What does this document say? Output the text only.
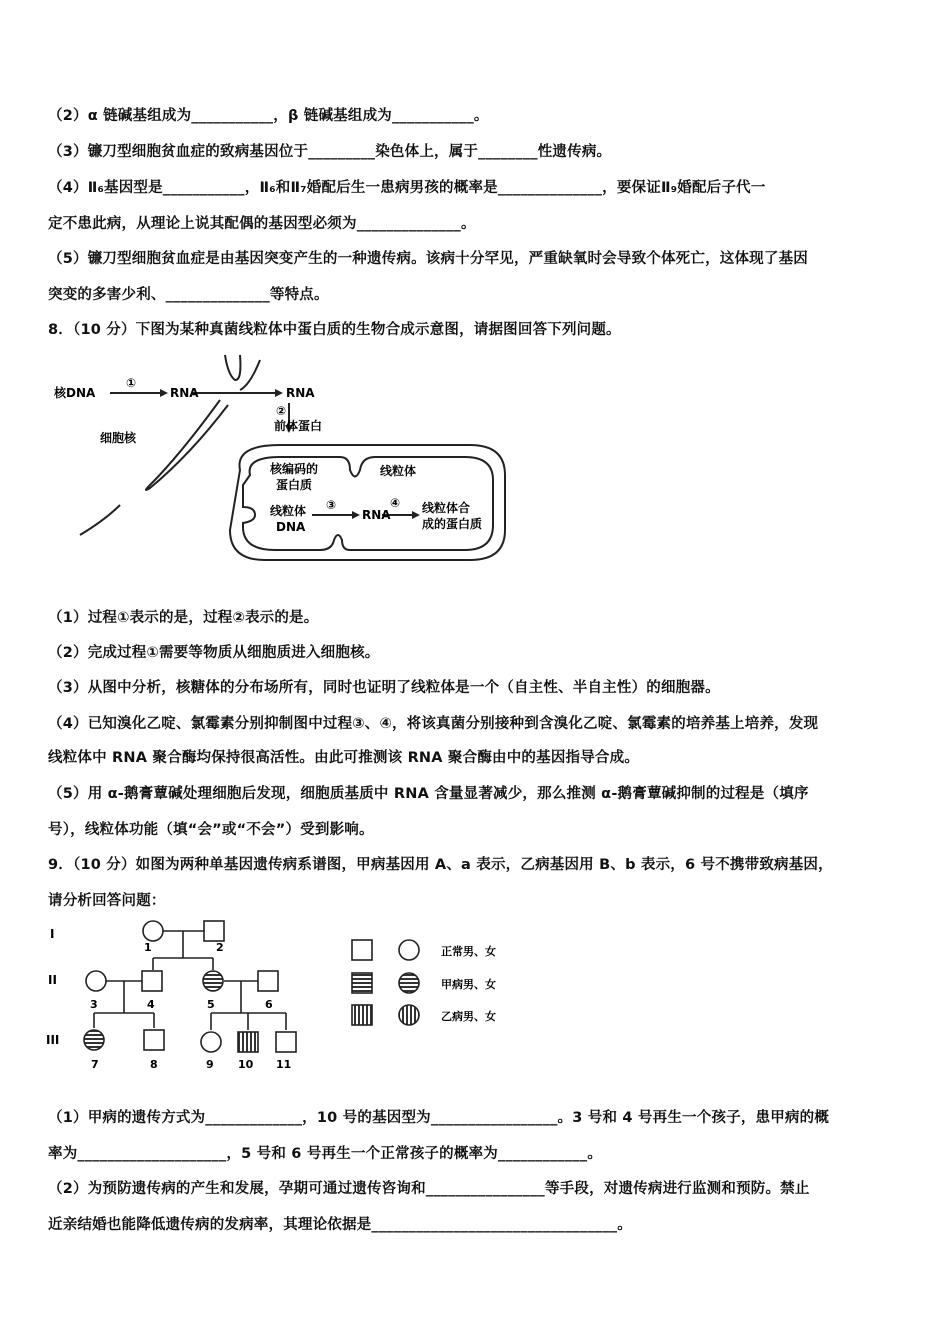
（2）α 链碱基组成为___________，β 链碱基组成为___________。
（3）镰刀型细胞贫血症的致病基因位于_________染色体上，属于________性遗传病。
（4）Ⅱ₆基因型是___________，Ⅱ₆和Ⅱ₇婚配后生一患病男孩的概率是______________，要保证Ⅱ₉婚配后子代一
定不患此病，从理论上说其配偶的基因型必须为______________。
（5）镰刀型细胞贫血症是由基因突变产生的一种遗传病。该病十分罕见，严重缺氧时会导致个体死亡，这体现了基因
突变的多害少利、______________等特点。
8．（10 分）下图为某种真菌线粒体中蛋白质的生物合成示意图，请据图回答下列问题。
核DNA
①
RNA
细胞核
RNA
②
前体蛋白
线粒体
核编码的
蛋白质
线粒体
DNA
③
RNA
④ 线粒体合
成的蛋白质
（1）过程①表示的是，过程②表示的是。
（2）完成过程①需要等物质从细胞质进入细胞核。
（3）从图中分析，核糖体的分布场所有，同时也证明了线粒体是一个（自主性、半自主性）的细胞器。
（4）已知溴化乙啶、氯霉素分别抑制图中过程③、④，将该真菌分别接种到含溴化乙啶、氯霉素的培养基上培养，发现
线粒体中 RNA 聚合酶均保持很高活性。由此可推测该 RNA 聚合酶由中的基因指导合成。
（5）用 α-鹅膏蕈碱处理细胞后发现，细胞质基质中 RNA 含量显著减少，那么推测 α-鹅膏蕈碱抑制的过程是（填序
号），线粒体功能（填“会”或“不会”）受到影响。
9．（10 分）如图为两种单基因遗传病系谱图，甲病基因用 A、a 表示，乙病基因用 B、b 表示，6 号不携带致病基因，
请分析回答问题：
I
II
III
1	2
3	4	5	6
7	8	9 10 11
正常男、女
甲病男、女
乙病男、女
（1）甲病的遗传方式为_____________，10 号的基因型为_________________。3 号和 4 号再生一个孩子，患甲病的概
率为____________________，5 号和 6 号再生一个正常孩子的概率为____________。
（2）为预防遗传病的产生和发展，孕期可通过遗传咨询和________________等手段，对遗传病进行监测和预防。禁止
近亲结婚也能降低遗传病的发病率，其理论依据是_________________________________。
